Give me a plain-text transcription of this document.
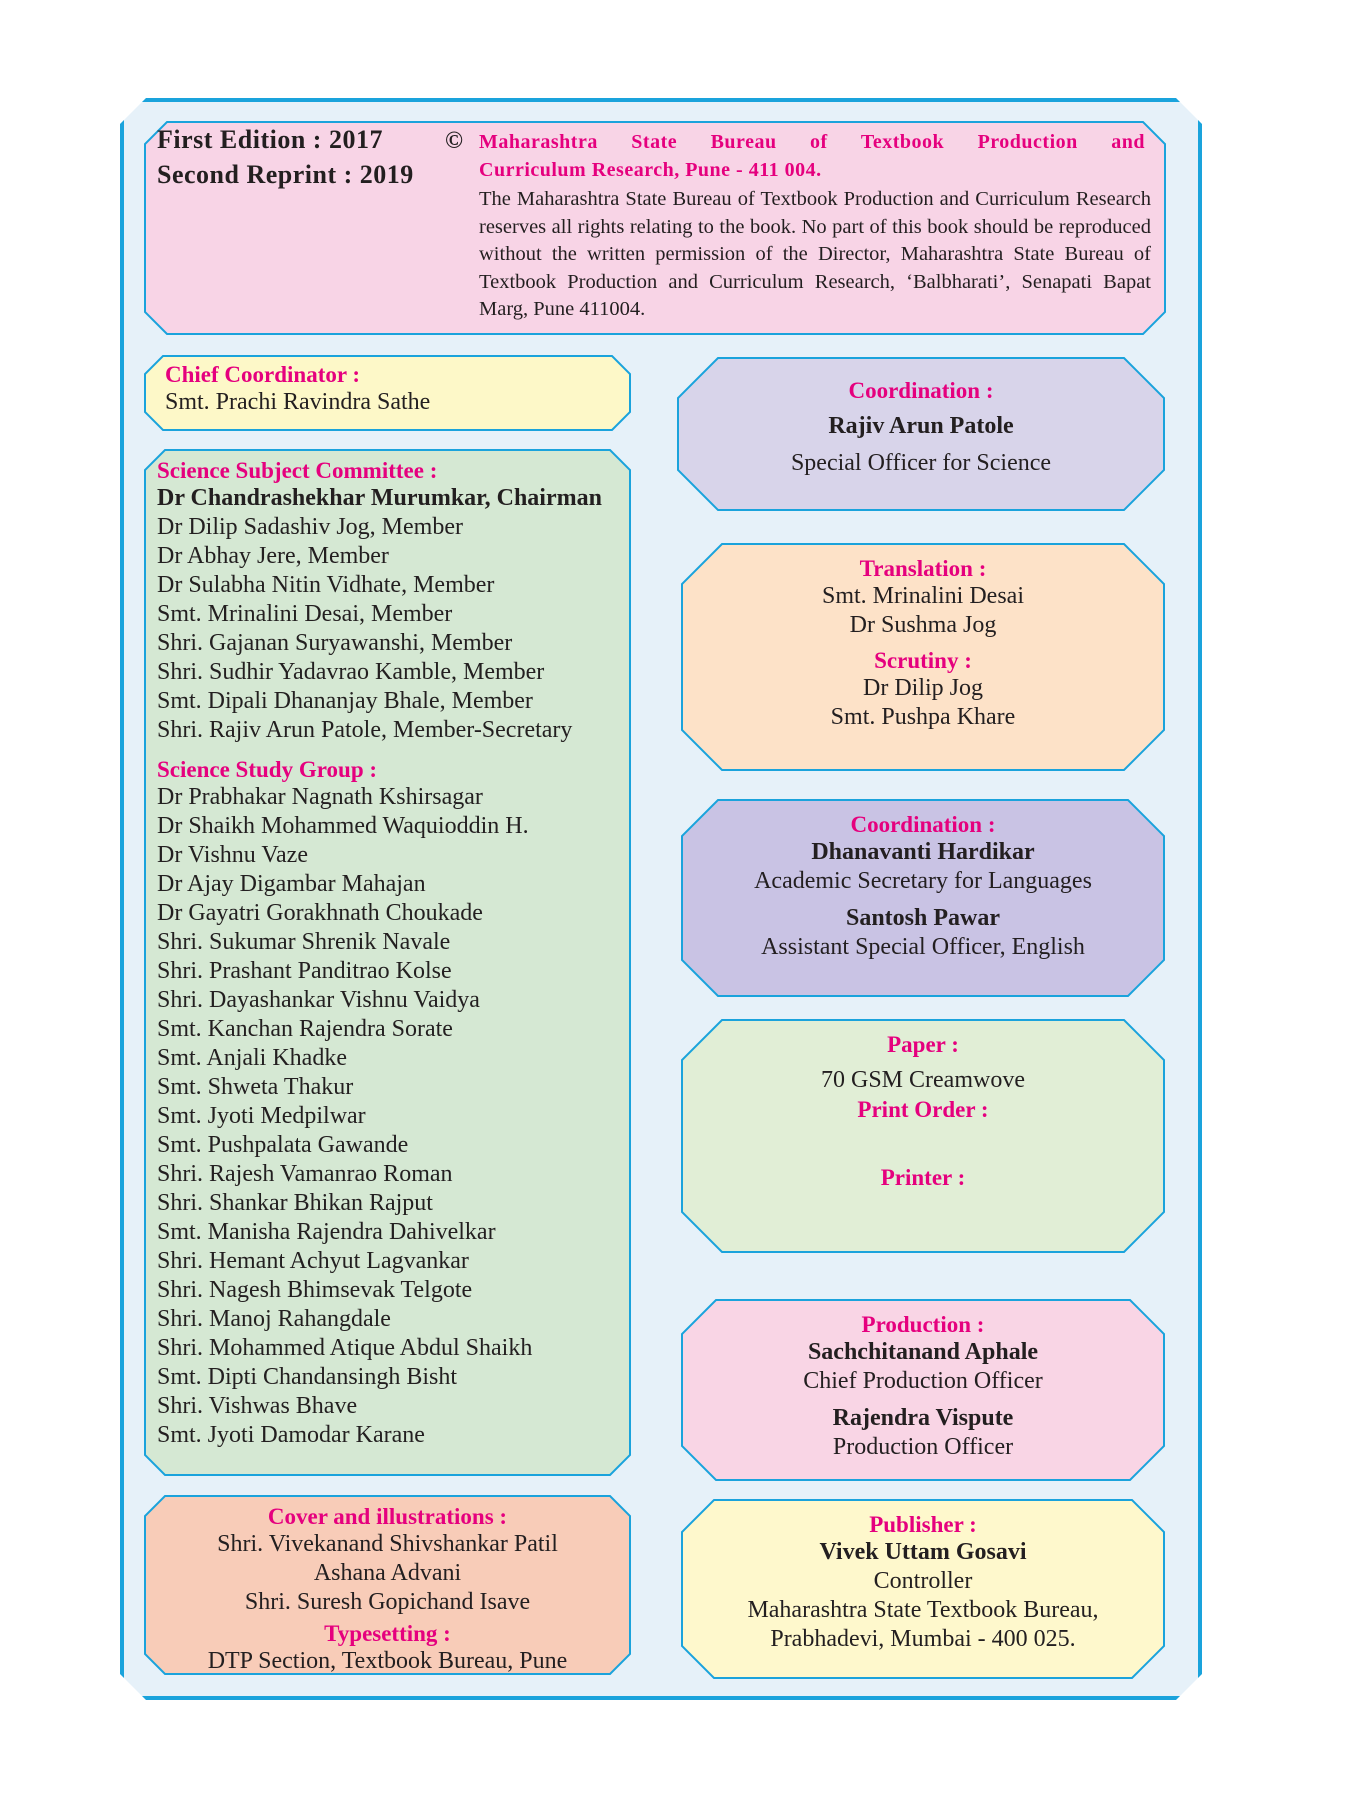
First Edition : 2017
Second Reprint : 2019
© Maharashtra State Bureau of Textbook Production and
Curriculum Research, Pune - 411 004.
The Maharashtra State Bureau of Textbook Production and Curriculum Research reserves all rights relating to the book. No part of this book should be reproduced without the written permission of the Director, Maharashtra State Bureau of Textbook Production and Curriculum Research, ‘Balbharati’, Senapati Bapat Marg, Pune 411004.
Chief Coordinator :
Smt. Prachi Ravindra Sathe
Science Subject Committee :
Dr Chandrashekhar Murumkar, Chairman
Dr Dilip Sadashiv Jog, Member
Dr Abhay Jere, Member
Dr Sulabha Nitin Vidhate, Member
Smt. Mrinalini Desai, Member
Shri. Gajanan Suryawanshi, Member
Shri. Sudhir Yadavrao Kamble, Member
Smt. Dipali Dhananjay Bhale, Member
Shri. Rajiv Arun Patole, Member-Secretary
Science Study Group :
Dr Prabhakar Nagnath Kshirsagar
Dr Shaikh Mohammed Waquioddin H.
Dr Vishnu Vaze
Dr Ajay Digambar Mahajan
Dr Gayatri Gorakhnath Choukade
Shri. Sukumar Shrenik Navale
Shri. Prashant Panditrao Kolse
Shri. Dayashankar Vishnu Vaidya
Smt. Kanchan Rajendra Sorate
Smt. Anjali Khadke
Smt. Shweta Thakur
Smt. Jyoti Medpilwar
Smt. Pushpalata Gawande
Shri. Rajesh Vamanrao Roman
Shri. Shankar Bhikan Rajput
Smt. Manisha Rajendra Dahivelkar
Shri. Hemant Achyut Lagvankar
Shri. Nagesh Bhimsevak Telgote
Shri. Manoj Rahangdale
Shri. Mohammed Atique Abdul Shaikh
Smt. Dipti Chandansingh Bisht
Shri. Vishwas Bhave
Smt. Jyoti Damodar Karane
Cover and illustrations :
Shri. Vivekanand Shivshankar Patil
Ashana Advani
Shri. Suresh Gopichand Isave
Typesetting :
DTP Section, Textbook Bureau, Pune
Coordination :
Rajiv Arun Patole
Special Officer for Science
Translation :
Smt. Mrinalini Desai
Dr Sushma Jog
Scrutiny :
Dr Dilip Jog
Smt. Pushpa Khare
Coordination :
Dhanavanti Hardikar
Academic Secretary for Languages
Santosh Pawar
Assistant Special Officer, English
Paper :
70 GSM Creamwove
Print Order :
Printer :
Production :
Sachchitanand Aphale
Chief Production Officer
Rajendra Vispute
Production Officer
Publisher :
Vivek Uttam Gosavi
Controller
Maharashtra State Textbook Bureau,
Prabhadevi, Mumbai - 400 025.
